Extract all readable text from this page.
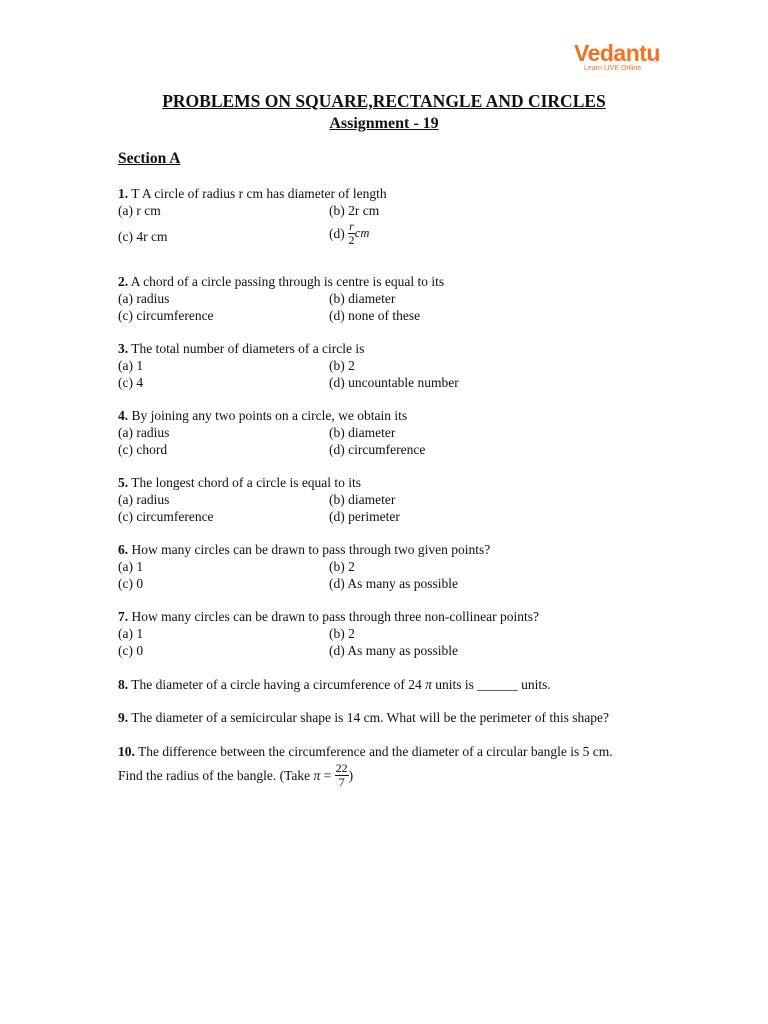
Vedantu
Learn LIVE Online
PROBLEMS ON SQUARE,RECTANGLE AND CIRCLES
Assignment - 19
Section A
1. T A circle of radius r cm has diameter of length
(a) r cm	(b) 2r cm
(c) 4r cm	$(d) \frac{r}{2}$ cm
2. A chord of a circle passing through is centre is equal to its
(a) radius	(b) diameter
(c) circumference	(d) none of these
3. The total number of diameters of a circle is
(a) 1	(b) 2
(c) 4	(d) uncountable number
4. By joining any two points on a circle, we obtain its
(a) radius	(b) diameter
(c) chord	(d) circumference
5. The longest chord of a circle is equal to its
(a) radius	(b) diameter
(c) circumference	(d) perimeter
6. How many circles can be drawn to pass through two given points?
(a) 1	(b) 2
(c) 0	(d) As many as possible
7. How many circles can be drawn to pass through three non-collinear points?
(a) 1	(b) 2
(c) 0	(d) As many as possible
8. The diameter of a circle having a circumference of 24 π units is ______ units.
9. The diameter of a semicircular shape is 14 cm. What will be the perimeter of this shape?
10. The difference between the circumference and the diameter of a circular bangle is 5 cm.
Find the radius of the bangle. (Take $\pi = \frac{22}{7}$ )
